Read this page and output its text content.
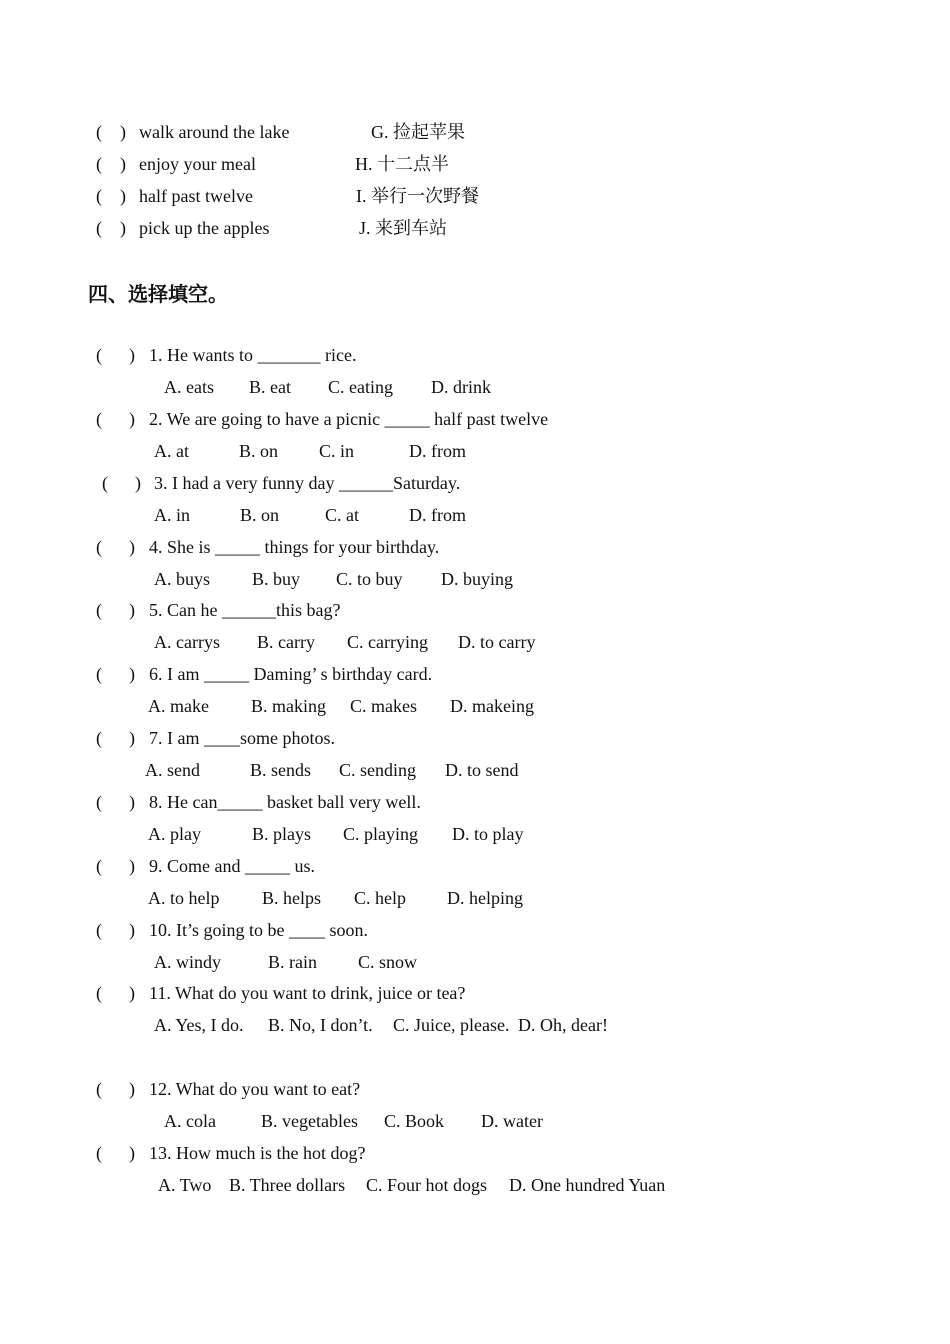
(    ) walk around the lake	G. 捡起苹果
(    ) enjoy your meal	H. 十二点半
(    ) half past twelve	I. 举行一次野餐
(    ) pick up the apples	J. 来到车站
四、选择填空。
(      ) 1. He wants to _______ rice.
A. eats B. eat C. eating D. drink
(      ) 2. We are going to have a picnic _____ half past twelve
A. at	B. on C. in	D. from
(      ) 3. I had a very funny day ______Saturday.
A. in	B. on	C. at	D. from
(      ) 4. She is _____ things for your birthday.
A. buys B. buy C. to buy D. buying
(      ) 5. Can he ______this bag?
A. carrys B. carry C. carrying D. to carry
(      ) 6. I am _____ Daming’ s birthday card.
A. make B. making C. makes D. makeing
(      ) 7. I am ____some photos.
A. send	B. sends C. sending D. to send
(      ) 8. He can_____ basket ball very well.
A. play	B. plays C. playing D. to play
(      ) 9. Come and _____ us.
A. to help B. helps C. help D. helping
(      ) 10. It’s going to be ____ soon.
A. windy	B. rain C. snow
(      ) 11. What do you want to drink, juice or tea?
A. Yes, I do. B. No, I don’t. C. Juice, please. D. Oh, dear!
(      ) 12. What do you want to eat?
A. cola	B. vegetables C. Book D. water
(      ) 13. How much is the hot dog?
A. Two B. Three dollars C. Four hot dogs D. One hundred Yuan
